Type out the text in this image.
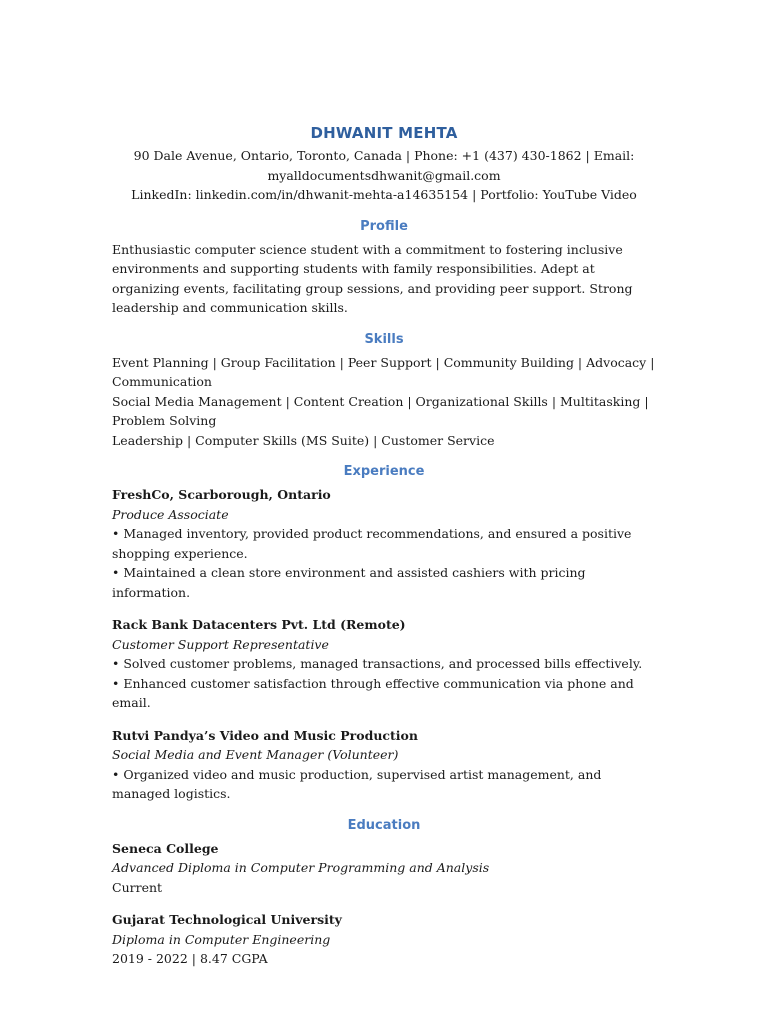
DHWANIT MEHTA
90 Dale Avenue, Ontario, Toronto, Canada | Phone: +1 (437) 430-1862 | Email:
myalldocumentsdhwanit@gmail.com
LinkedIn: linkedin.com/in/dhwanit-mehta-a14635154 | Portfolio: YouTube Video
Profile

Enthusiastic computer science student with a commitment to fostering inclusive environments and supporting students with family responsibilities. Adept at organizing events, facilitating group sessions, and providing peer support. Strong leadership and communication skills.

Skills
Event Planning | Group Facilitation | Peer Support | Community Building | Advocacy | Communication
Social Media Management | Content Creation | Organizational Skills | Multitasking | Problem Solving
Leadership | Computer Skills (MS Suite) | Customer Service
Experience
FreshCo, Scarborough, Ontario
Produce Associate
• Managed inventory, provided product recommendations, and ensured a positive shopping experience.
• Maintained a clean store environment and assisted cashiers with pricing information.
Rack Bank Datacenters Pvt. Ltd (Remote)
Customer Support Representative
• Solved customer problems, managed transactions, and processed bills effectively.
• Enhanced customer satisfaction through effective communication via phone and email.
Rutvi Pandya’s Video and Music Production
Social Media and Event Manager (Volunteer)
• Organized video and music production, supervised artist management, and managed logistics.
Education
Seneca College
Advanced Diploma in Computer Programming and Analysis
Current
Gujarat Technological University
Diploma in Computer Engineering
2019 - 2022 | 8.47 CGPA
